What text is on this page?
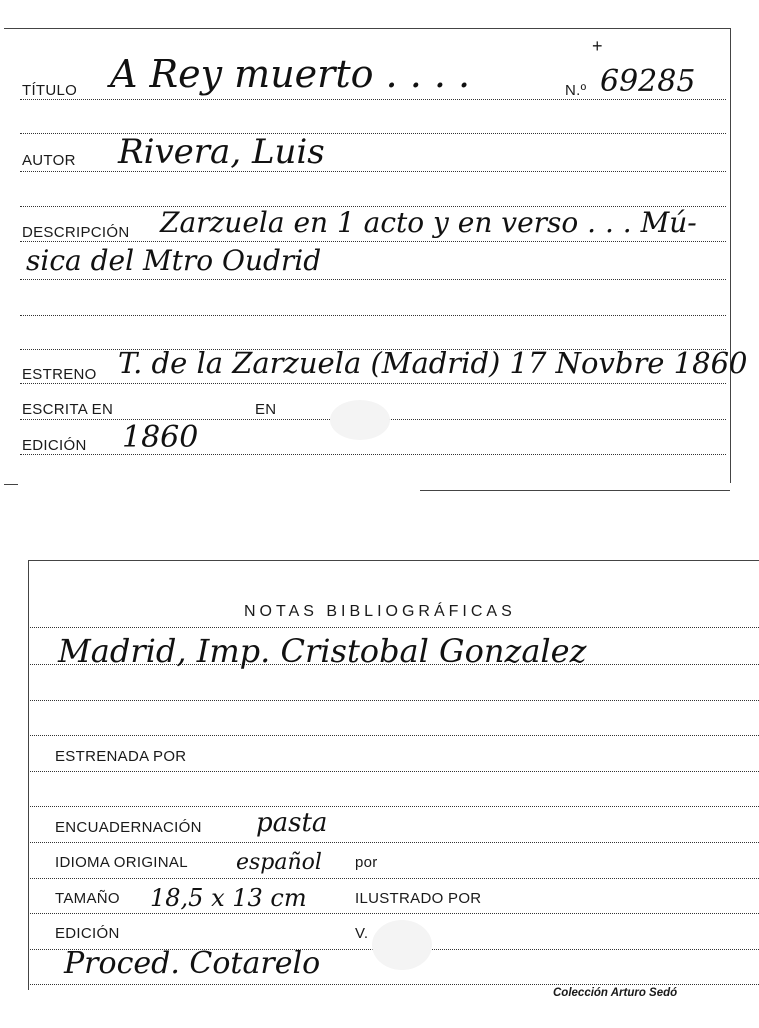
TÍTULO A Rey muerto . . . .	N.º 69285
+
AUTOR Rivera, Luis
DESCRIPCIÓN Zarzuela en 1 acto y en verso . . . Mú-
sica del Mtro Oudrid
ESTRENO T. de la Zarzuela (Madrid) 17 Novbre 1860
ESCRITA EN	EN
EDICIÓN 1860
NOTAS BIBLIOGRÁFICAS
Madrid, Imp. Cristobal Gonzalez
ESTRENADA POR
ENCUADERNACIÓN pasta
IDIOMA ORIGINAL español por
TAMAÑO 18,5 x 13 cm	ILUSTRADO POR
EDICIÓN	V.
Proced. Cotarelo
Colección Arturo Sedó
